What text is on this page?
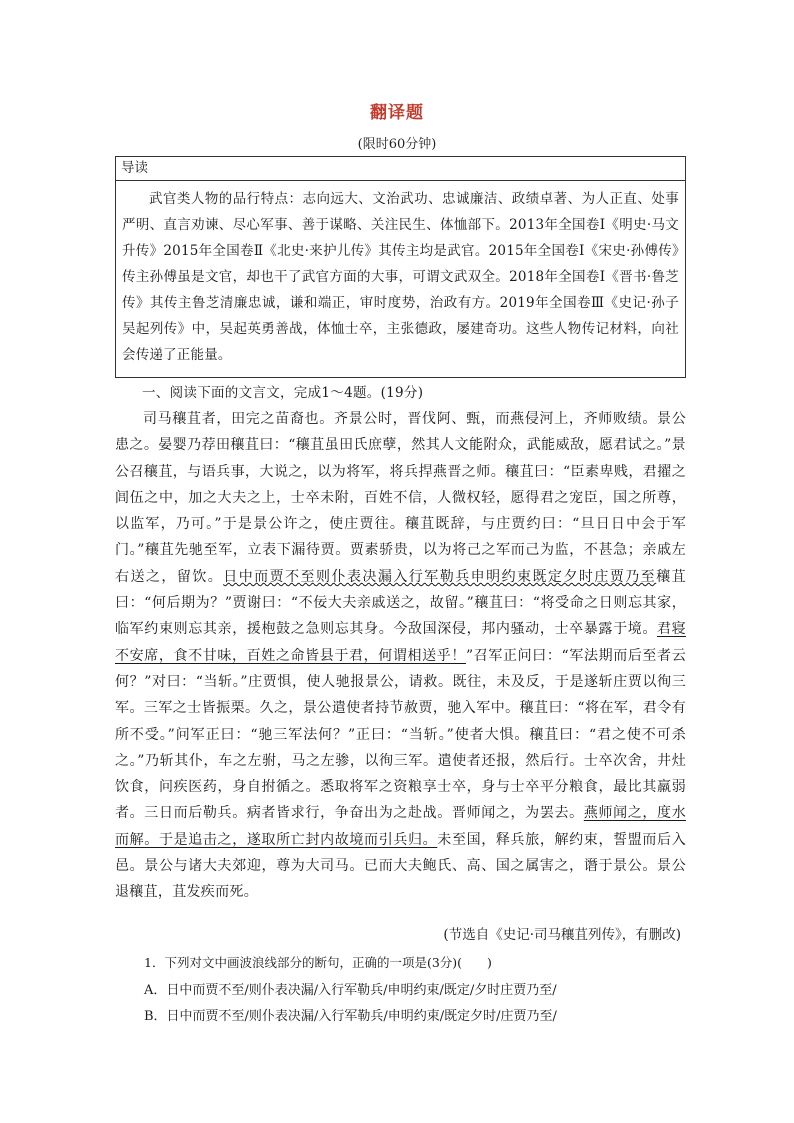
翻译题
(限时60分钟)
导读
武官类人物的品行特点：志向远大、文治武功、忠诚廉洁、政绩卓著、为人正直、处事严明、直言劝谏、尽心军事、善于谋略、关注民生、体恤部下。2013年全国卷Ⅰ《明史·马文升传》2015年全国卷Ⅱ《北史·来护儿传》其传主均是武官。2015年全国卷Ⅰ《宋史·孙傅传》传主孙傅虽是文官，却也干了武官方面的大事，可谓文武双全。2018年全国卷Ⅰ《晋书·鲁芝传》其传主鲁芝清廉忠诚，谦和端正，审时度势，治政有方。2019年全国卷Ⅲ《史记·孙子吴起列传》中，吴起英勇善战，体恤士卒，主张德政，屡建奇功。这些人物传记材料，向社会传递了正能量。
一、阅读下面的文言文，完成1～4题。(19分)
司马穰苴者，田完之苗裔也。齐景公时，晋伐阿、甄，而燕侵河上，齐师败绩。景公患之。晏婴乃荐田穰苴曰：“穰苴虽田氏庶孽，然其人文能附众，武能威敌，愿君试之。”景公召穰苴，与语兵事，大说之，以为将军，将兵捍燕晋之师。穰苴曰：“臣素卑贱，君擢之闾伍之中，加之大夫之上，士卒未附，百姓不信，人微权轻，愿得君之宠臣，国之所尊，以监军，乃可。”于是景公许之，使庄贾往。穰苴既辞，与庄贾约曰：“旦日日中会于军门。”穰苴先驰至军，立表下漏待贾。贾素骄贵，以为将己之军而己为监，不甚急；亲戚左右送之，留饮。日中而贾不至则仆表决漏入行军勒兵申明约束既定夕时庄贾乃至穰苴曰：“何后期为？”贾谢曰：“不佞大夫亲戚送之，故留。”穰苴曰：“将受命之日则忘其家，临军约束则忘其亲，援枹鼓之急则忘其身。今敌国深侵，邦内骚动，士卒暴露于境。君寝不安席，食不甘味，百姓之命皆县于君，何谓相送乎！”召军正问曰：“军法期而后至者云何？”对曰：“当斩。”庄贾惧，使人驰报景公，请救。既往，未及反，于是遂斩庄贾以徇三军。三军之士皆振栗。久之，景公遣使者持节赦贾，驰入军中。穰苴曰：“将在军，君令有所不受。”问军正曰：“驰三军法何？”正曰：“当斩。”使者大惧。穰苴曰：“君之使不可杀之。”乃斩其仆，车之左驸，马之左骖，以徇三军。遣使者还报，然后行。士卒次舍，井灶饮食，问疾医药，身自拊循之。悉取将军之资粮享士卒，身与士卒平分粮食，最比其羸弱者。三日而后勒兵。病者皆求行，争奋出为之赴战。晋师闻之，为罢去。燕师闻之，度水而解。于是追击之，遂取所亡封内故境而引兵归。未至国，释兵旅，解约束，誓盟而后入邑。景公与诸大夫郊迎，尊为大司马。已而大夫鲍氏、高、国之属害之，谮于景公。景公退穰苴，苴发疾而死。
(节选自《史记·司马穰苴列传》，有删改)
1．下列对文中画波浪线部分的断句，正确的一项是(3分)(　　)
A．日中而贾不至/则仆表决漏/入行军勒兵/申明约束/既定/夕时庄贾乃至/
B．日中而贾不至/则仆表决漏/入行军勒兵/申明约束/既定夕时/庄贾乃至/
